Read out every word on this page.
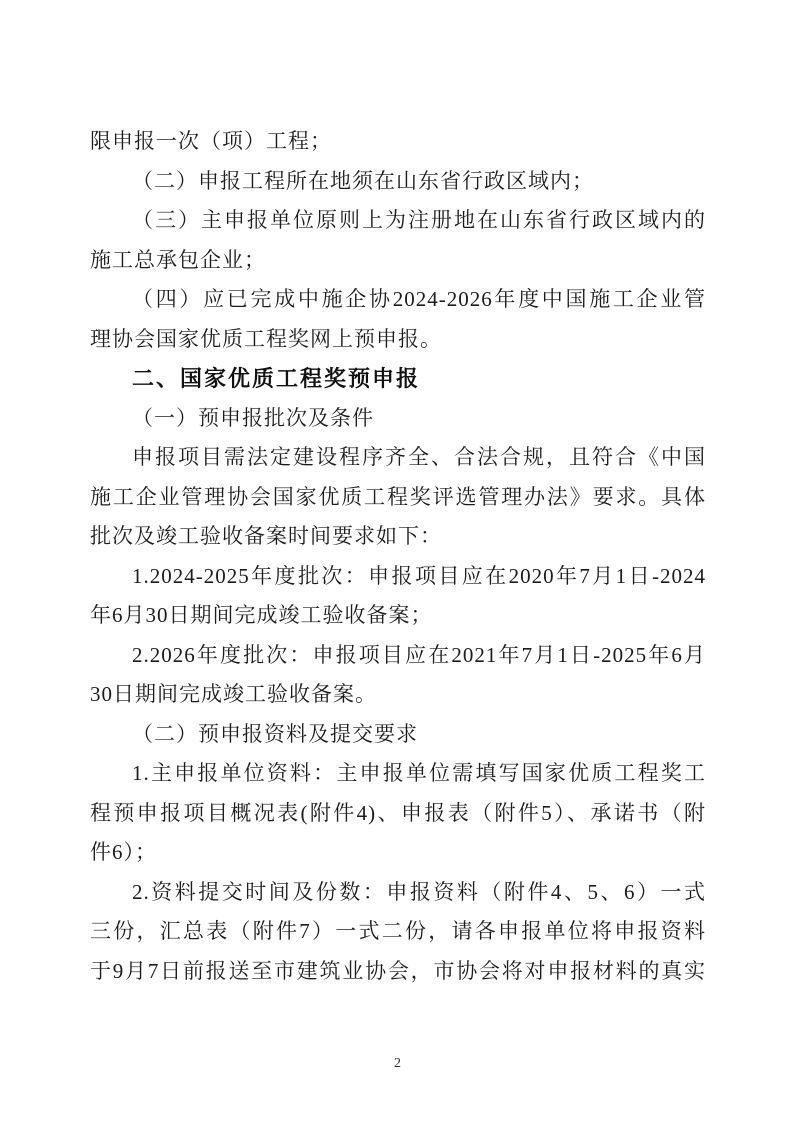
限申报一次（项）工程；
（二）申报工程所在地须在山东省行政区域内；
（三）主申报单位原则上为注册地在山东省行政区域内的
施工总承包企业；
（四）应已完成中施企协2024-2026年度中国施工企业管
理协会国家优质工程奖网上预申报。
二、国家优质工程奖预申报
（一）预申报批次及条件
申报项目需法定建设程序齐全、合法合规，且符合《中国
施工企业管理协会国家优质工程奖评选管理办法》要求。具体
批次及竣工验收备案时间要求如下：
1.2024-2025年度批次：申报项目应在2020年7月1日-2024
年6月30日期间完成竣工验收备案；
2.2026年度批次：申报项目应在2021年7月1日-2025年6月
30日期间完成竣工验收备案。
（二）预申报资料及提交要求
1.主申报单位资料：主申报单位需填写国家优质工程奖工
程预申报项目概况表(附件4)、申报表（附件5）、承诺书（附
件6）；
2.资料提交时间及份数：申报资料（附件4、5、6）一式
三份，汇总表（附件7）一式二份，请各申报单位将申报资料
于9月7日前报送至市建筑业协会，市协会将对申报材料的真实
2
